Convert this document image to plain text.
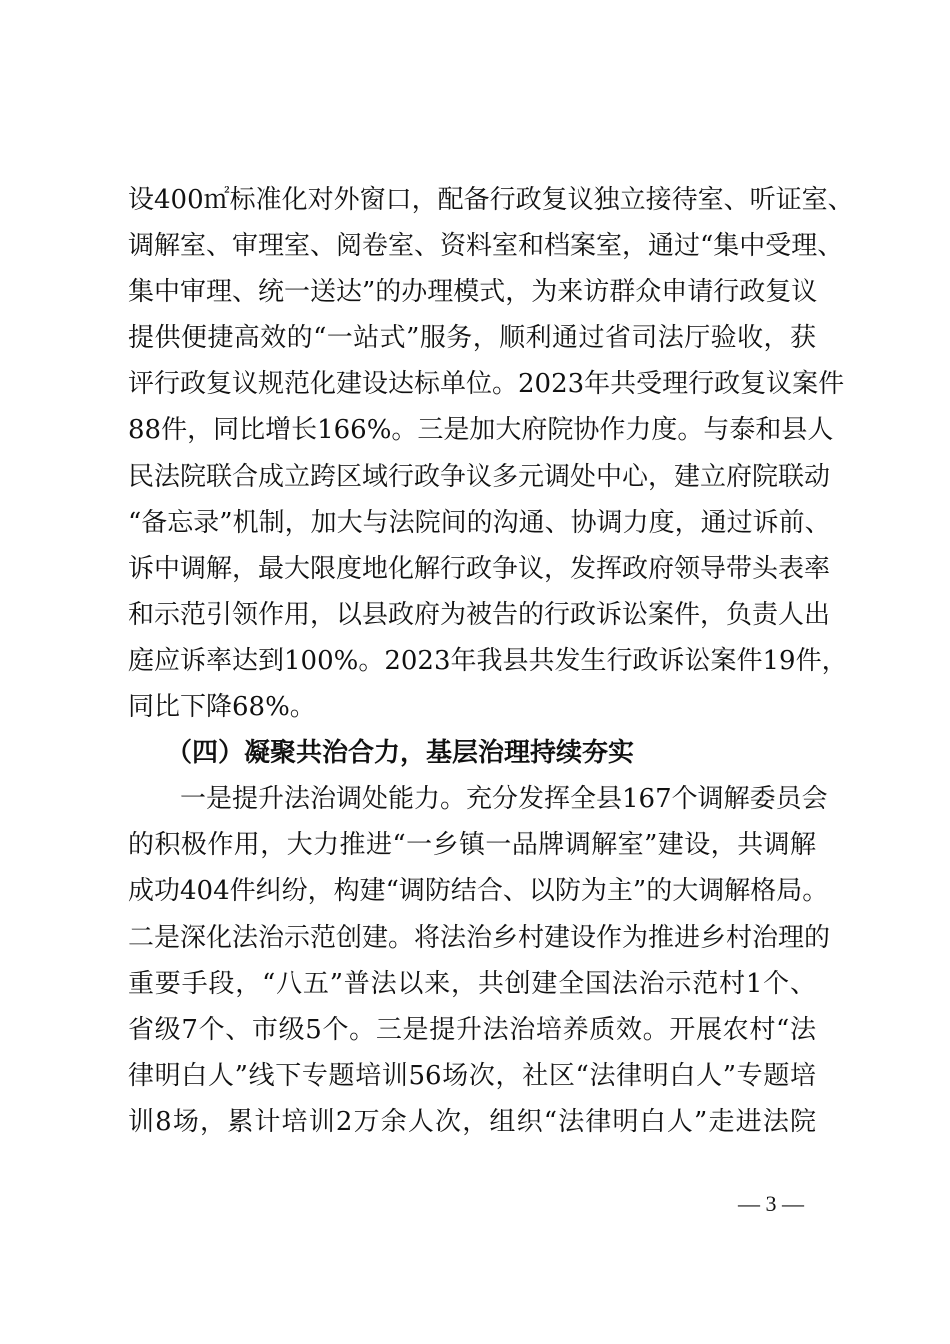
设400㎡标准化对外窗口，配备行政复议独立接待室、听证室、
调解室、审理室、阅卷室、资料室和档案室，通过“集中受理、
集中审理、统一送达”的办理模式，为来访群众申请行政复议
提供便捷高效的“一站式”服务，顺利通过省司法厅验收，获
评行政复议规范化建设达标单位。2023年共受理行政复议案件
88件，同比增长166%。三是加大府院协作力度。与泰和县人
民法院联合成立跨区域行政争议多元调处中心，建立府院联动
“备忘录”机制，加大与法院间的沟通、协调力度，通过诉前、
诉中调解，最大限度地化解行政争议，发挥政府领导带头表率
和示范引领作用，以县政府为被告的行政诉讼案件，负责人出
庭应诉率达到100%。2023年我县共发生行政诉讼案件19件，
同比下降68%。
（四）凝聚共治合力，基层治理持续夯实
一是提升法治调处能力。充分发挥全县167个调解委员会
的积极作用，大力推进“一乡镇一品牌调解室”建设，共调解
成功404件纠纷，构建“调防结合、以防为主”的大调解格局。
二是深化法治示范创建。将法治乡村建设作为推进乡村治理的
重要手段，“八五”普法以来，共创建全国法治示范村1个、
省级7个、市级5个。三是提升法治培养质效。开展农村“法
律明白人”线下专题培训56场次，社区“法律明白人”专题培
训8场，累计培训2万余人次，组织“法律明白人”走进法院
— 3 —
